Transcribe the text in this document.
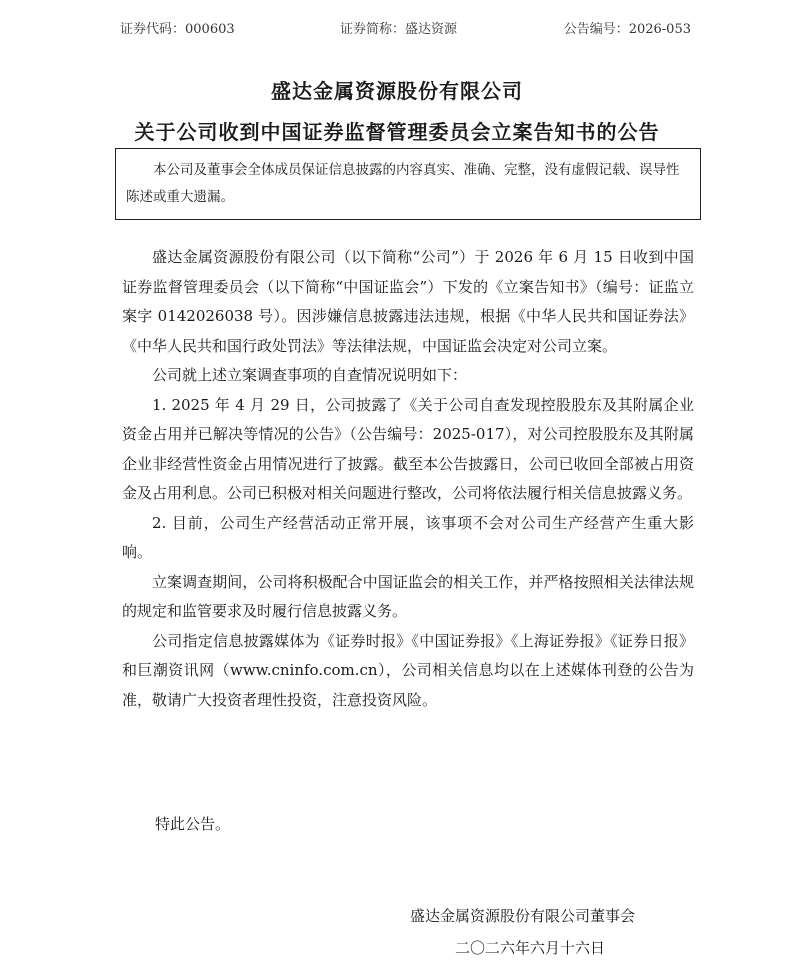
证券代码：000603	证券简称：盛达资源	公告编号：2026-053
盛达金属资源股份有限公司
关于公司收到中国证券监督管理委员会立案告知书的公告
本公司及董事会全体成员保证信息披露的内容真实、准确、完整，没有虚假记载、误导性陈述或重大遗漏。

盛达金属资源股份有限公司（以下简称“公司”）于 2026 年 6 月 15 日收到中国证券监督管理委员会（以下简称“中国证监会”）下发的《立案告知书》（编号：证监立案字 0142026038 号）。因涉嫌信息披露违法违规，根据《中华人民共和国证券法》《中华人民共和国行政处罚法》等法律法规，中国证监会决定对公司立案。

公司就上述立案调查事项的自查情况说明如下：

1. 2025 年 4 月 29 日，公司披露了《关于公司自查发现控股股东及其附属企业资金占用并已解决等情况的公告》（公告编号：2025-017），对公司控股股东及其附属企业非经营性资金占用情况进行了披露。截至本公告披露日，公司已收回全部被占用资金及占用利息。公司已积极对相关问题进行整改，公司将依法履行相关信息披露义务。

2. 目前，公司生产经营活动正常开展，该事项不会对公司生产经营产生重大影响。

立案调查期间，公司将积极配合中国证监会的相关工作，并严格按照相关法律法规的规定和监管要求及时履行信息披露义务。

公司指定信息披露媒体为《证券时报》《中国证券报》《上海证券报》《证券日报》和巨潮资讯网（www.cninfo.com.cn），公司相关信息均以在上述媒体刊登的公告为准，敬请广大投资者理性投资，注意投资风险。

特此公告。
盛达金属资源股份有限公司董事会
二〇二六年六月十六日
